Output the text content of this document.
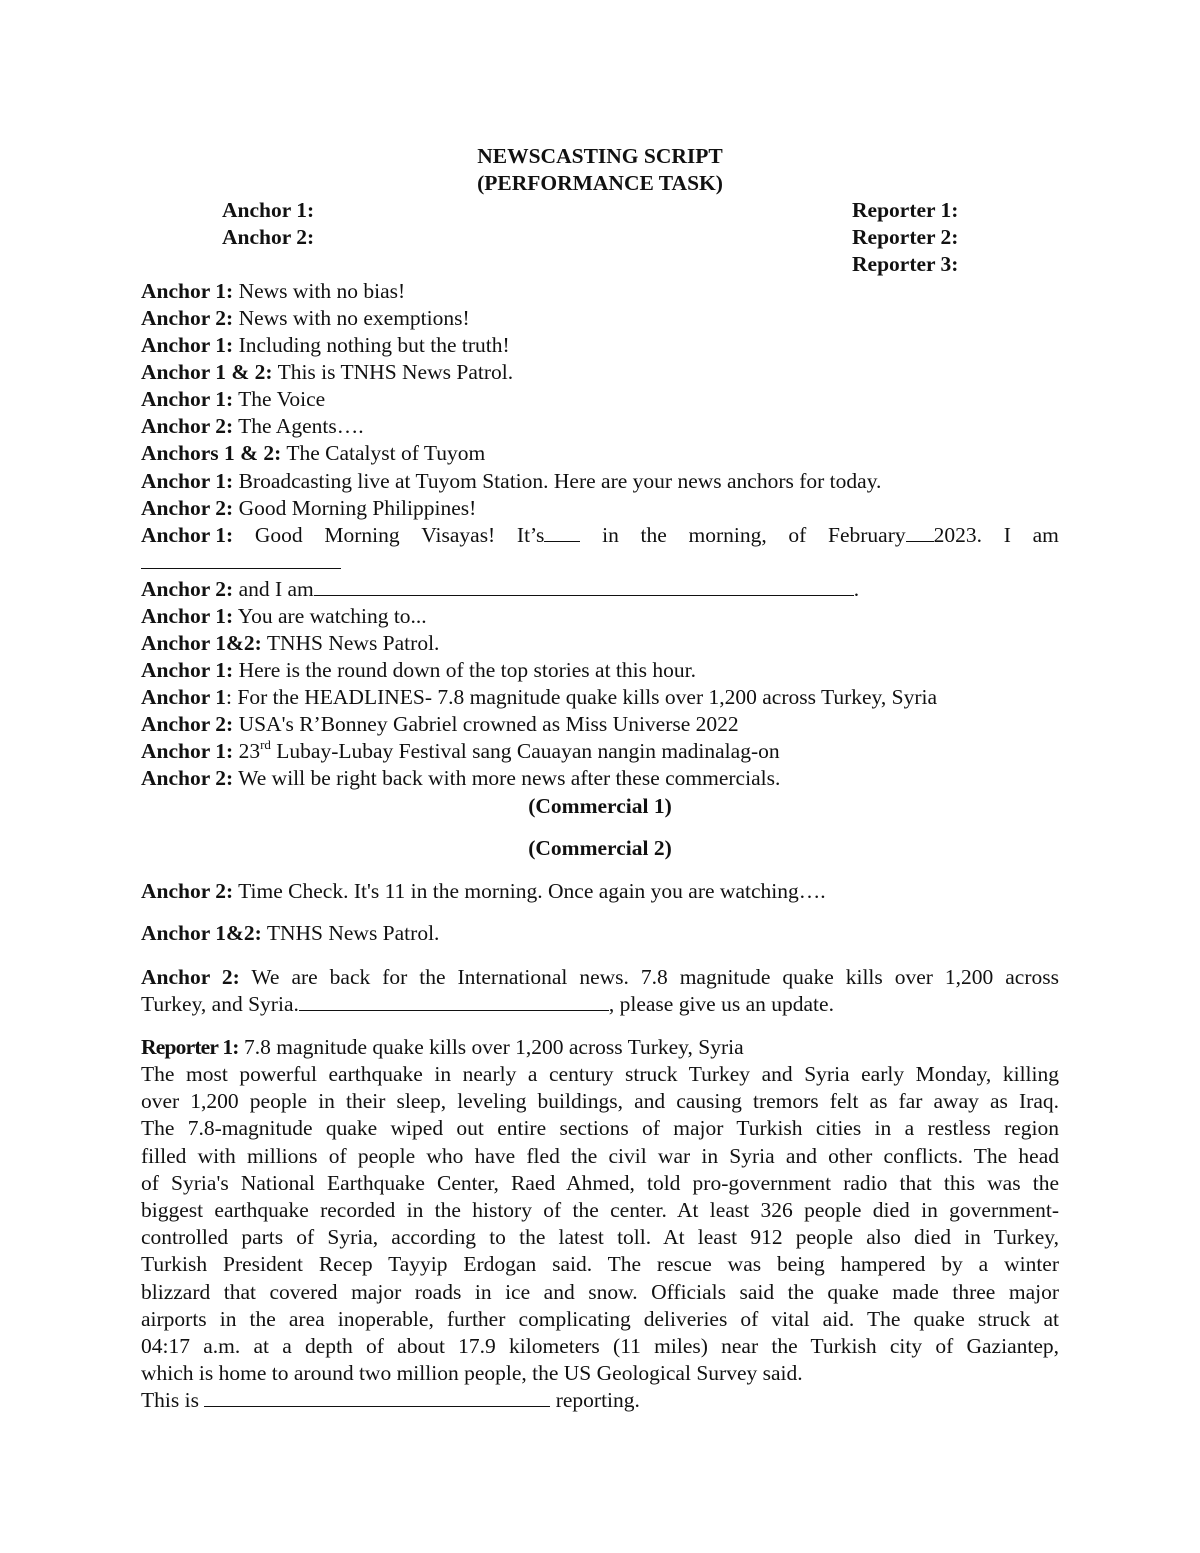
NEWSCASTING SCRIPT
(PERFORMANCE TASK)
Anchor 1:
Anchor 2:
Reporter 1:
Reporter 2:
Reporter 3:
Anchor 1: News with no bias!
Anchor 2: News with no exemptions!
Anchor 1: Including nothing but the truth!
Anchor 1 & 2: This is TNHS News Patrol.
Anchor 1: The Voice
Anchor 2: The Agents….
Anchors 1 & 2: The Catalyst of Tuyom
Anchor 1: Broadcasting live at Tuyom Station. Here are your news anchors for today.
Anchor 2: Good Morning Philippines!
Anchor 1: Good Morning Visayas! It’s	in the morning, of February 2023. I am
Anchor 2: and I am	.
Anchor 1: You are watching to...
Anchor 1&2: TNHS News Patrol.
Anchor 1: Here is the round down of the top stories at this hour.
Anchor 1: For the HEADLINES- 7.8 magnitude quake kills over 1,200 across Turkey, Syria
Anchor 2: USA's R’Bonney Gabriel crowned as Miss Universe 2022
Anchor 1: 23rd Lubay-Lubay Festival sang Cauayan nangin madinalag-on
Anchor 2: We will be right back with more news after these commercials.
(Commercial 1)
(Commercial 2)
Anchor 2: Time Check. It's 11 in the morning. Once again you are watching….
Anchor 1&2: TNHS News Patrol.
Anchor 2: We are back for the International news. 7.8 magnitude quake kills over 1,200 across
Turkey, and Syria.	, please give us an update.
Reporter 1: 7.8 magnitude quake kills over 1,200 across Turkey, Syria
The most powerful earthquake in nearly a century struck Turkey and Syria early Monday, killing
over 1,200 people in their sleep, leveling buildings, and causing tremors felt as far away as Iraq.
The 7.8-magnitude quake wiped out entire sections of major Turkish cities in a restless region
filled with millions of people who have fled the civil war in Syria and other conflicts. The head
of Syria's National Earthquake Center, Raed Ahmed, told pro-government radio that this was the
biggest earthquake recorded in the history of the center. At least 326 people died in government-
controlled parts of Syria, according to the latest toll. At least 912 people also died in Turkey,
Turkish President Recep Tayyip Erdogan said. The rescue was being hampered by a winter
blizzard that covered major roads in ice and snow. Officials said the quake made three major
airports in the area inoperable, further complicating deliveries of vital aid. The quake struck at
04:17 a.m. at a depth of about 17.9 kilometers (11 miles) near the Turkish city of Gaziantep,
which is home to around two million people, the US Geological Survey said.
This is	reporting.
